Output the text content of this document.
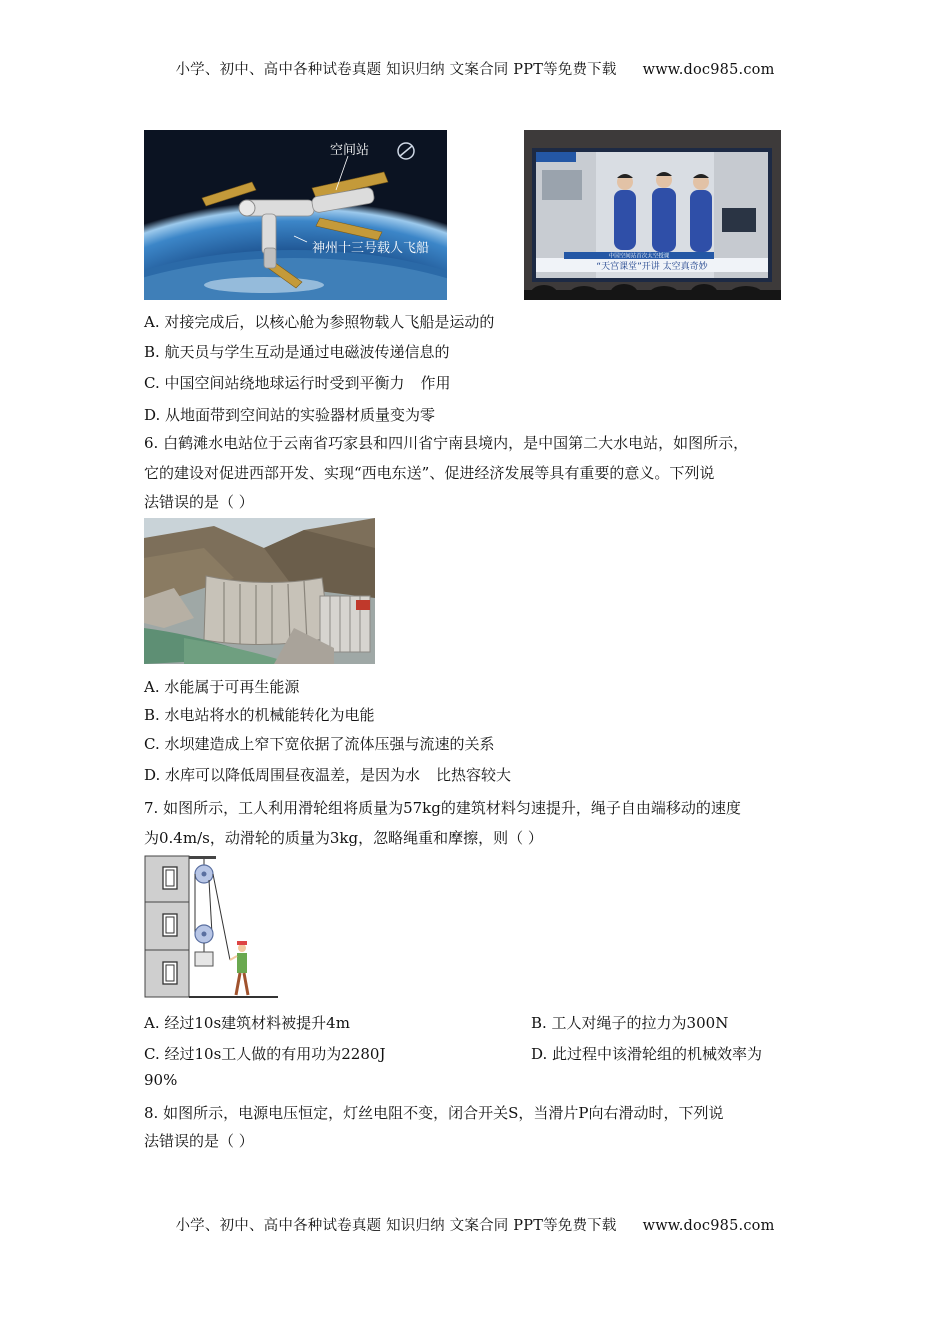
小学、初中、高中各种试卷真题 知识归纳 文案合同 PPT等免费下载 www.doc985.com
空间站
神州十三号载人飞船
中国空间站首次太空授课
“天宫课堂”开讲 太空真奇妙
A. 对接完成后，以核心舱为参照物载人飞船是运动的
B. 航天员与学生互动是通过电磁波传递信息的
C. 中国空间站绕地球运行时受到平衡力 作用
D. 从地面带到空间站的实验器材质量变为零
6. 白鹤滩水电站位于云南省巧家县和四川省宁南县境内，是中国第二大水电站，如图所示，
它的建设对促进西部开发、实现“西电东送”、促进经济发展等具有重要的意义。下列说
法错误的是（ ）
A. 水能属于可再生能源
B. 水电站将水的机械能转化为电能
C. 水坝建造成上窄下宽依据了流体压强与流速的关系
D. 水库可以降低周围昼夜温差，是因为水 比热容较大
7. 如图所示，工人利用滑轮组将质量为57kg的建筑材料匀速提升，绳子自由端移动的速度
为0.4m/s，动滑轮的质量为3kg，忽略绳重和摩擦，则（ ）
A. 经过10s建筑材料被提升4m	B. 工人对绳子的拉力为300N
C. 经过10s工人做的有用功为2280J	D. 此过程中该滑轮组的机械效率为
90%
8. 如图所示，电源电压恒定，灯丝电阻不变，闭合开关S，当滑片P向右滑动时，下列说
法错误的是（ ）
小学、初中、高中各种试卷真题 知识归纳 文案合同 PPT等免费下载 www.doc985.com
